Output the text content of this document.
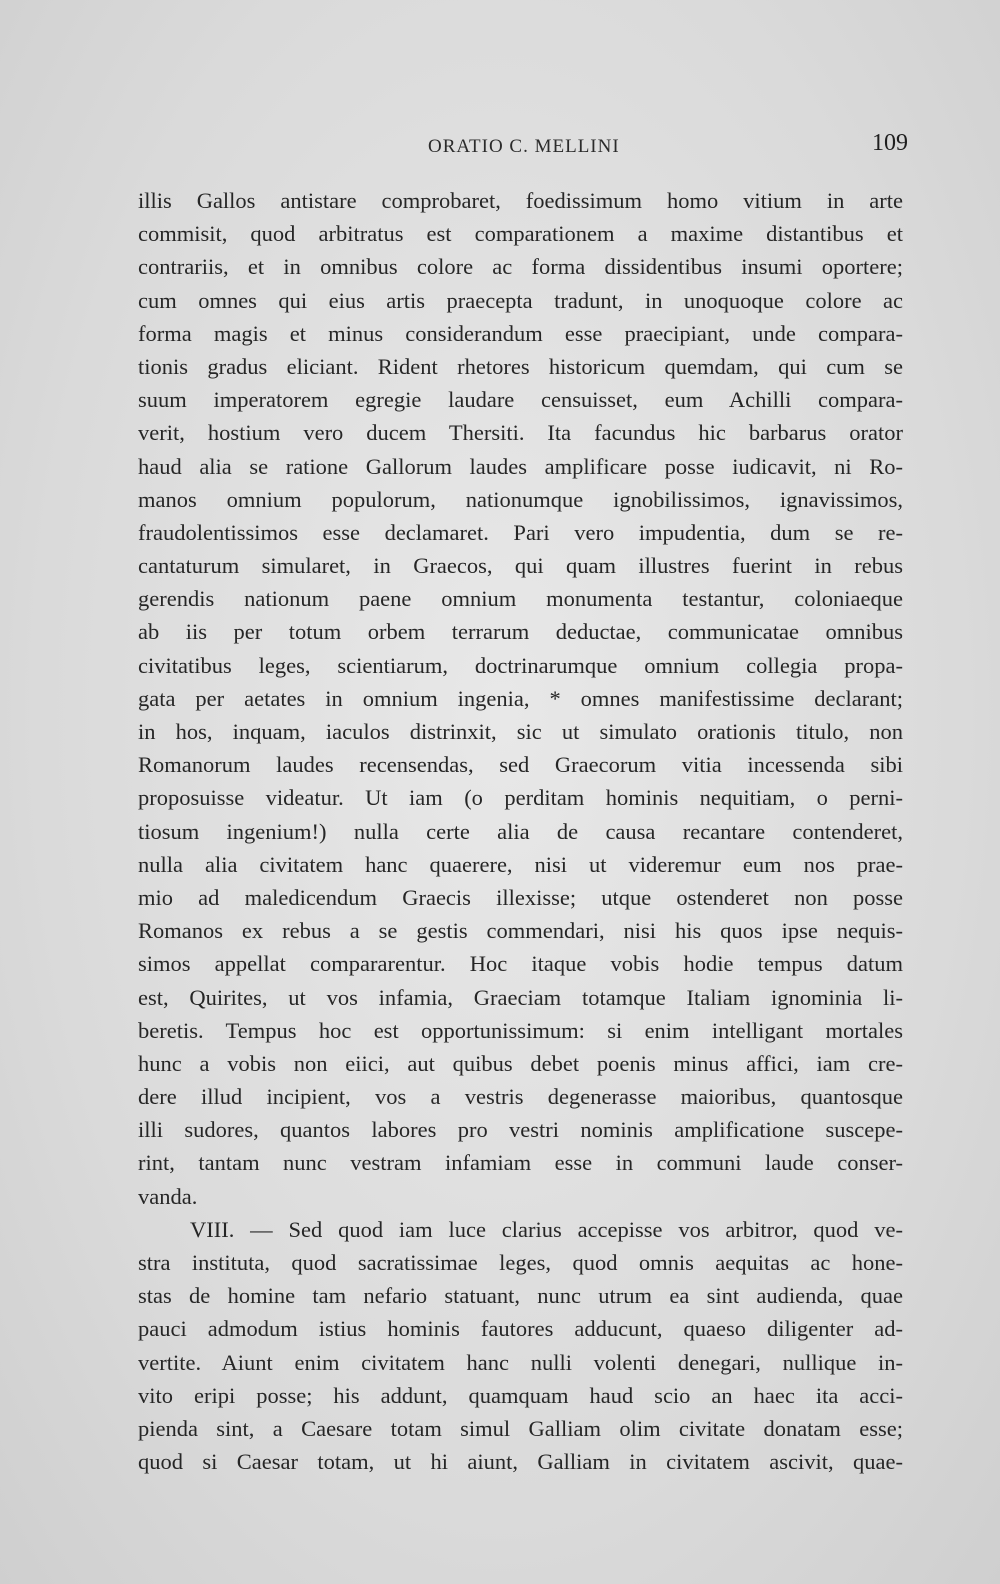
ORATIO C. MELLINI	109
illis Gallos antistare comprobaret, foedissimum homo vitium in arte
commisit, quod arbitratus est comparationem a maxime distantibus et
contrariis, et in omnibus colore ac forma dissidentibus insumi oportere;
cum omnes qui eius artis praecepta tradunt, in unoquoque colore ac
forma magis et minus considerandum esse praecipiant, unde compara-
tionis gradus eliciant. Rident rhetores historicum quemdam, qui cum se
suum imperatorem egregie laudare censuisset, eum Achilli compara-
verit, hostium vero ducem Thersiti. Ita facundus hic barbarus orator
haud alia se ratione Gallorum laudes amplificare posse iudicavit, ni Ro-
manos omnium populorum, nationumque ignobilissimos, ignavissimos,
fraudolentissimos esse declamaret. Pari vero impudentia, dum se re-
cantaturum simularet, in Graecos, qui quam illustres fuerint in rebus
gerendis nationum paene omnium monumenta testantur, coloniaeque
ab iis per totum orbem terrarum deductae, communicatae omnibus
civitatibus leges, scientiarum, doctrinarumque omnium collegia propa-
gata per aetates in omnium ingenia, * omnes manifestissime declarant;
in hos, inquam, iaculos distrinxit, sic ut simulato orationis titulo, non
Romanorum laudes recensendas, sed Graecorum vitia incessenda sibi
proposuisse videatur. Ut iam (o perditam hominis nequitiam, o perni-
tiosum ingenium!) nulla certe alia de causa recantare contenderet,
nulla alia civitatem hanc quaerere, nisi ut videremur eum nos prae-
mio ad maledicendum Graecis illexisse; utque ostenderet non posse
Romanos ex rebus a se gestis commendari, nisi his quos ipse nequis-
simos appellat compararentur. Hoc itaque vobis hodie tempus datum
est, Quirites, ut vos infamia, Graeciam totamque Italiam ignominia li-
beretis. Tempus hoc est opportunissimum: si enim intelligant mortales
hunc a vobis non eiici, aut quibus debet poenis minus affici, iam cre-
dere illud incipient, vos a vestris degenerasse maioribus, quantosque
illi sudores, quantos labores pro vestri nominis amplificatione suscepe-
rint, tantam nunc vestram infamiam esse in communi laude conser-
vanda.
VIII. — Sed quod iam luce clarius accepisse vos arbitror, quod ve-
stra instituta, quod sacratissimae leges, quod omnis aequitas ac hone-
stas de homine tam nefario statuant, nunc utrum ea sint audienda, quae
pauci admodum istius hominis fautores adducunt, quaeso diligenter ad-
vertite. Aiunt enim civitatem hanc nulli volenti denegari, nullique in-
vito eripi posse; his addunt, quamquam haud scio an haec ita acci-
pienda sint, a Caesare totam simul Galliam olim civitate donatam esse;
quod si Caesar totam, ut hi aiunt, Galliam in civitatem ascivit, quae-
